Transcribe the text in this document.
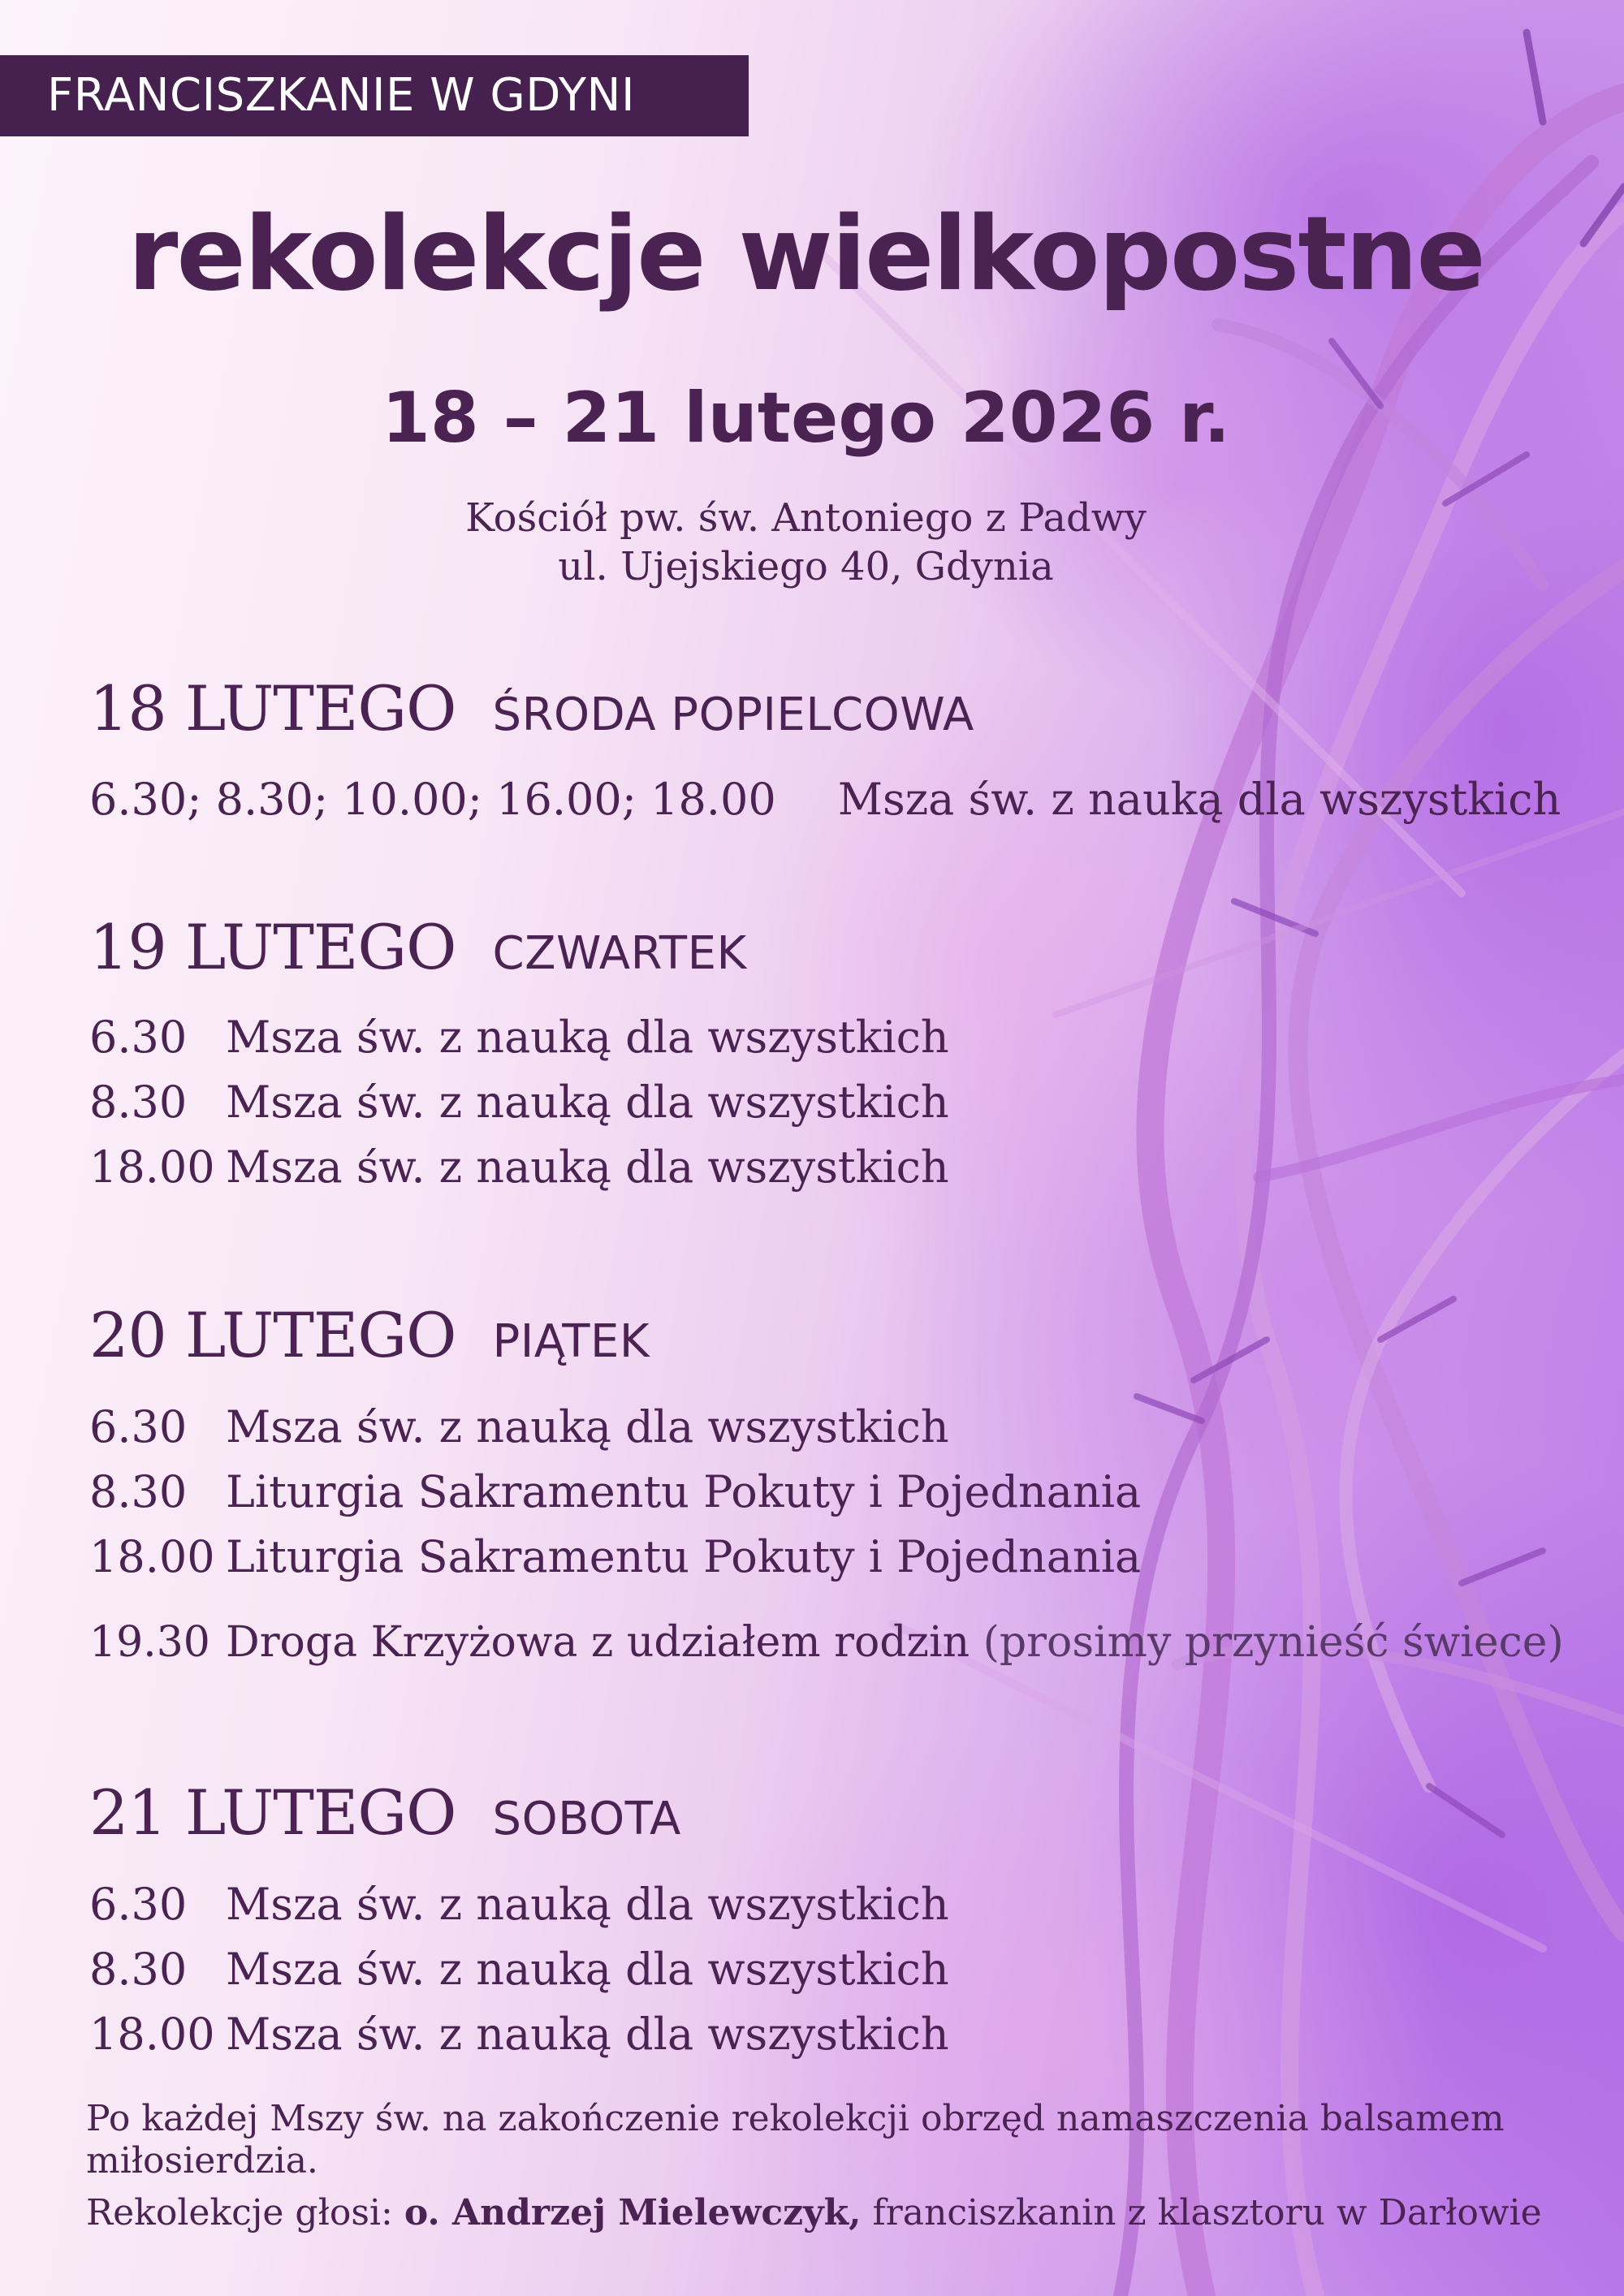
FRANCISZKANIE W GDYNI
rekolekcje wielkopostne
18 – 21 lutego 2026 r.
Kościół pw. św. Antoniego z Padwy
ul. Ujejskiego 40, Gdynia
18 LUTEGO ŚRODA POPIELCOWA
6.30; 8.30; 10.00; 16.00; 18.00 Msza św. z nauką dla wszystkich
19 LUTEGO CZWARTEK
6.30 Msza św. z nauką dla wszystkich
8.30 Msza św. z nauką dla wszystkich
18.00 Msza św. z nauką dla wszystkich
20 LUTEGO PIĄTEK
6.30 Msza św. z nauką dla wszystkich
8.30 Liturgia Sakramentu Pokuty i Pojednania
18.00 Liturgia Sakramentu Pokuty i Pojednania
19.30 Droga Krzyżowa z udziałem rodzin (prosimy przynieść świece)
21 LUTEGO SOBOTA
6.30 Msza św. z nauką dla wszystkich
8.30 Msza św. z nauką dla wszystkich
18.00 Msza św. z nauką dla wszystkich
Po każdej Mszy św. na zakończenie rekolekcji obrzęd namaszczenia balsamem miłosierdzia.
Rekolekcje głosi: o. Andrzej Mielewczyk, franciszkanin z klasztoru w Darłowie
